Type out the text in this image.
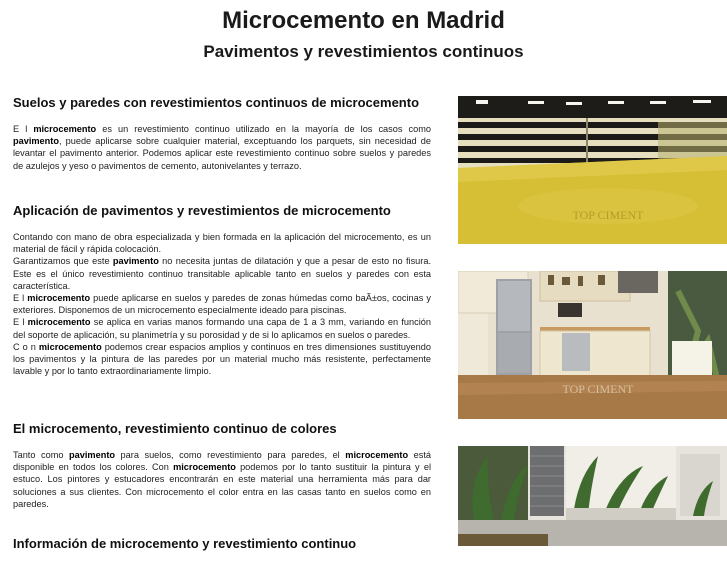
Microcemento en Madrid
Pavimentos y revestimientos continuos
Suelos y paredes con revestimientos continuos de microcemento

E l microcemento es un revestimiento continuo utilizado en la mayoría de los casos como pavimento, puede aplicarse sobre cualquier material, exceptuando los parquets, sin necesidad de levantar el pavimento anterior. Podemos aplicar este revestimiento continuo sobre suelos y paredes de azulejos y yeso o pavimentos de cemento, autonivelantes y terrazo.

Aplicación de pavimentos y revestimientos de microcemento

Contando con mano de obra especializada y bien formada en la aplicación del microcemento, es un material de fácil y rápida colocación.

Garantizamos que este pavimento no necesita juntas de dilatación y que a pesar de esto no fisura. Este es el único revestimiento continuo transitable aplicable tanto en suelos y paredes con esta característica.

E l microcemento puede aplicarse en suelos y paredes de zonas húmedas como baÃ±os, cocinas y exteriores. Disponemos de un microcemento especialmente ideado para piscinas.

E l microcemento se aplica en varias manos formando una capa de 1 a 3 mm, variando en función del soporte de aplicación, su planimetría y su porosidad y de si lo aplicamos en suelos o paredes.

C o n microcemento podemos crear espacios amplios y continuos en tres dimensiones sustituyendo los pavimentos y la pintura de las paredes por un material mucho más resistente, perfectamente lavable y por lo tanto extraordinariamente limpio.

El microcemento, revestimiento continuo de colores

Tanto como pavimento para suelos, como revestimiento para paredes, el microcemento está disponible en todos los colores. Con microcemento podemos por lo tanto sustituir la pintura y el estuco. Los pintores y estucadores encontrarán en este material una herramienta más para dar soluciones a sus clientes. Con microcemento el color entra en las casas tanto en suelos como en paredes.

Información de microcemento y revestimiento continuo
TOP CIMENT
TOP CIMENT
